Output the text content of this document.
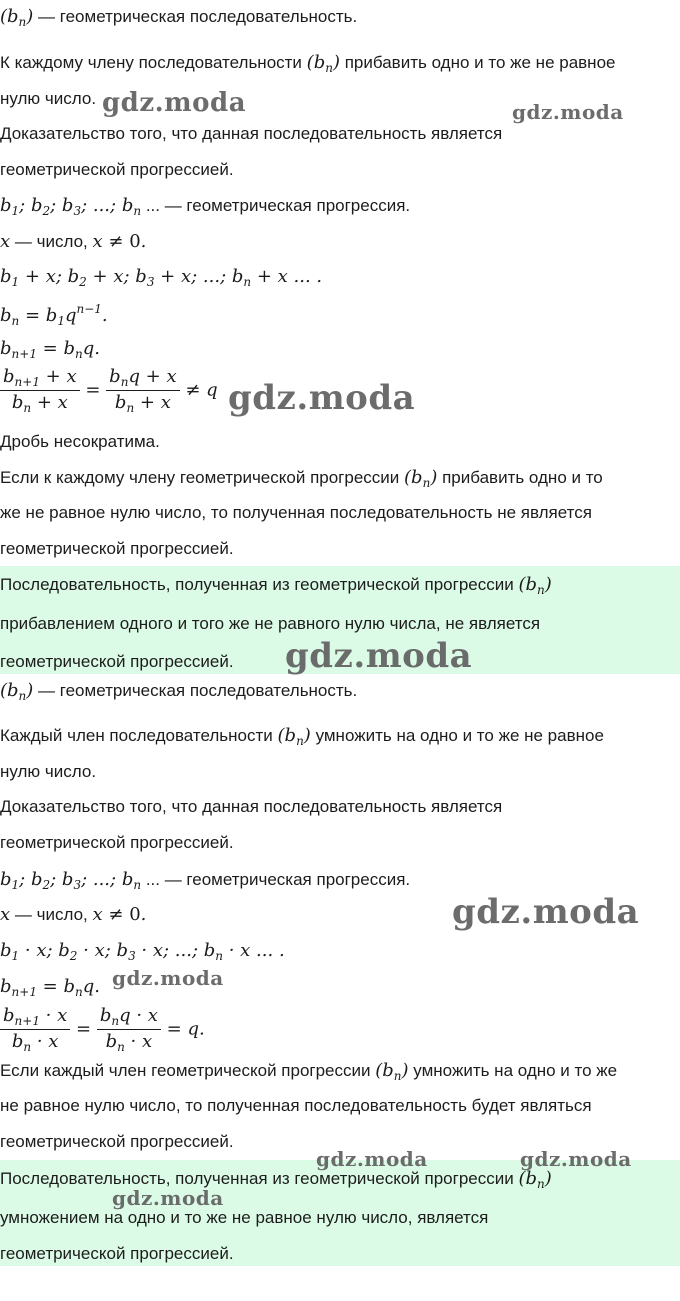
$(b_n)$ — геометрическая последовательность.
К каждому члену последовательности $(b_n)$ прибавить одно и то же не равное
нулю число.
Доказательство того, что данная последовательность является
геометрической прогрессией.
$b_1$; $b_2$; $b_3$; ...; $b_n$ ... — геометрическая прогрессия.
x — число, x ≠ 0.
$b_1 + x$; $b_2 + x$; $b_3 + x$; ...; $b_n + x$ ... .
$b_n = b_1q^{n-1}$.
$b_{n+1} = b_nq$.
$\frac{b_{n+1} + x}{b_n + x} = \frac{b_nq + x}{b_n + x} \ne q$
Дробь несократима.
Если к каждому члену геометрической прогрессии $(b_n)$ прибавить одно и то
же не равное нулю число, то полученная последовательность не является
геометрической прогрессией.
Последовательность, полученная из геометрической прогрессии $(b_n)$
прибавлением одного и того же не равного нулю числа, не является
геометрической прогрессией.
$(b_n)$ — геометрическая последовательность.
Каждый член последовательности $(b_n)$ умножить на одно и то же не равное
нулю число.
Доказательство того, что данная последовательность является
геометрической прогрессией.
$b_1$; $b_2$; $b_3$; ...; $b_n$ ... — геометрическая прогрессия.
x — число, x ≠ 0.
$b_1 \cdot x$; $b_2 \cdot x$; $b_3 \cdot x$; ...; $b_n \cdot x$ ... .
$b_{n+1} = b_nq$.
$\frac{b_{n+1} \cdot x}{b_n \cdot x} = \frac{b_nq \cdot x}{b_n \cdot x} = q$.
Если каждый член геометрической прогрессии $(b_n)$ умножить на одно и то же
не равное нулю число, то полученная последовательность будет являться
геометрической прогрессией.
Последовательность, полученная из геометрической прогрессии $(b_n)$
умножением на одно и то же не равное нулю число, является
геометрической прогрессией.
gdz.moda	gdz.moda
gdz.moda
gdz.moda
gdz.moda
gdz.moda
gdz.moda	gdz.moda
gdz.moda
